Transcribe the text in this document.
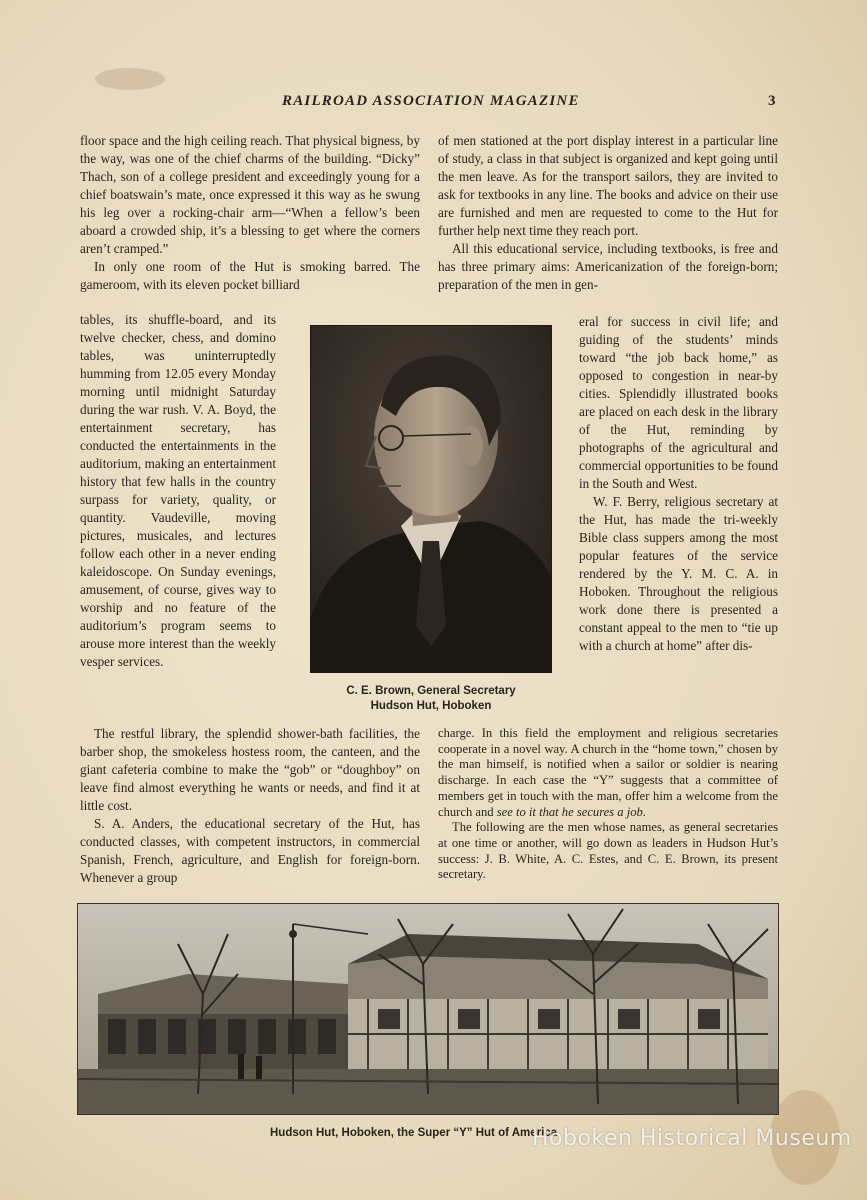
RAILROAD ASSOCIATION MAGAZINE	3

floor space and the high ceiling reach. That physical bigness, by the way, was one of the chief charms of the building. “Dicky” Thach, son of a college president and exceedingly young for a chief boatswain’s mate, once expressed it this way as he swung his leg over a rocking-chair arm—“When a fellow’s been aboard a crowded ship, it’s a blessing to get where the corners aren’t cramped.”

In only one room of the Hut is smoking barred. The gameroom, with its eleven pocket billiard

tables, its shuffle-board, and its twelve checker, chess, and domino tables, was uninterruptedly humming from 12.05 every Monday morning until midnight Saturday during the war rush. V. A. Boyd, the entertainment secretary, has conducted the entertainments in the auditorium, making an entertainment history that few halls in the country surpass for variety, quality, or quantity. Vaudeville, moving pictures, musicales, and lectures follow each other in a never ending kaleidoscope. On Sunday evenings, amusement, of course, gives way to worship and no feature of the auditorium’s program seems to arouse more interest than the weekly vesper services.

The restful library, the splendid shower-bath facilities, the barber shop, the smokeless hostess room, the canteen, and the giant cafeteria combine to make the “gob” or “doughboy” on leave find almost everything he wants or needs, and find it at little cost.

S. A. Anders, the educational secretary of the Hut, has conducted classes, with competent instructors, in commercial Spanish, French, agriculture, and English for foreign-born. Whenever a group

of men stationed at the port display interest in a particular line of study, a class in that subject is organized and kept going until the men leave. As for the transport sailors, they are invited to ask for textbooks in any line. The books and advice on their use are furnished and men are requested to come to the Hut for further help next time they reach port.

All this educational service, including textbooks, is free and has three primary aims: Americanization of the foreign-born; preparation of the men in gen-

eral for success in civil life; and guiding of the students’ minds toward “the job back home,” as opposed to congestion in near-by cities. Splendidly illustrated books are placed on each desk in the library of the Hut, reminding by photographs of the agricultural and commercial opportunities to be found in the South and West.

W. F. Berry, religious secretary at the Hut, has made the tri-weekly Bible class suppers among the most popular features of the service rendered by the Y. M. C. A. in Hoboken. Throughout the religious work done there is presented a constant appeal to the men to “tie up with a church at home” after dis-

charge. In this field the employment and religious secretaries cooperate in a novel way. A church in the “home town,” chosen by the man himself, is notified when a sailor or soldier is nearing discharge. In each case the “Y” suggests that a committee of members get in touch with the man, offer him a welcome from the church and see to it that he secures a job.

The following are the men whose names, as general secretaries at one time or another, will go down as leaders in Hudson Hut’s success: J. B. White, A. C. Estes, and C. E. Brown, its present secretary.

C. E. Brown, General Secretary
Hudson Hut, Hoboken
Hudson Hut, Hoboken, the Super “Y” Hut of America
Hoboken Historical Museum
